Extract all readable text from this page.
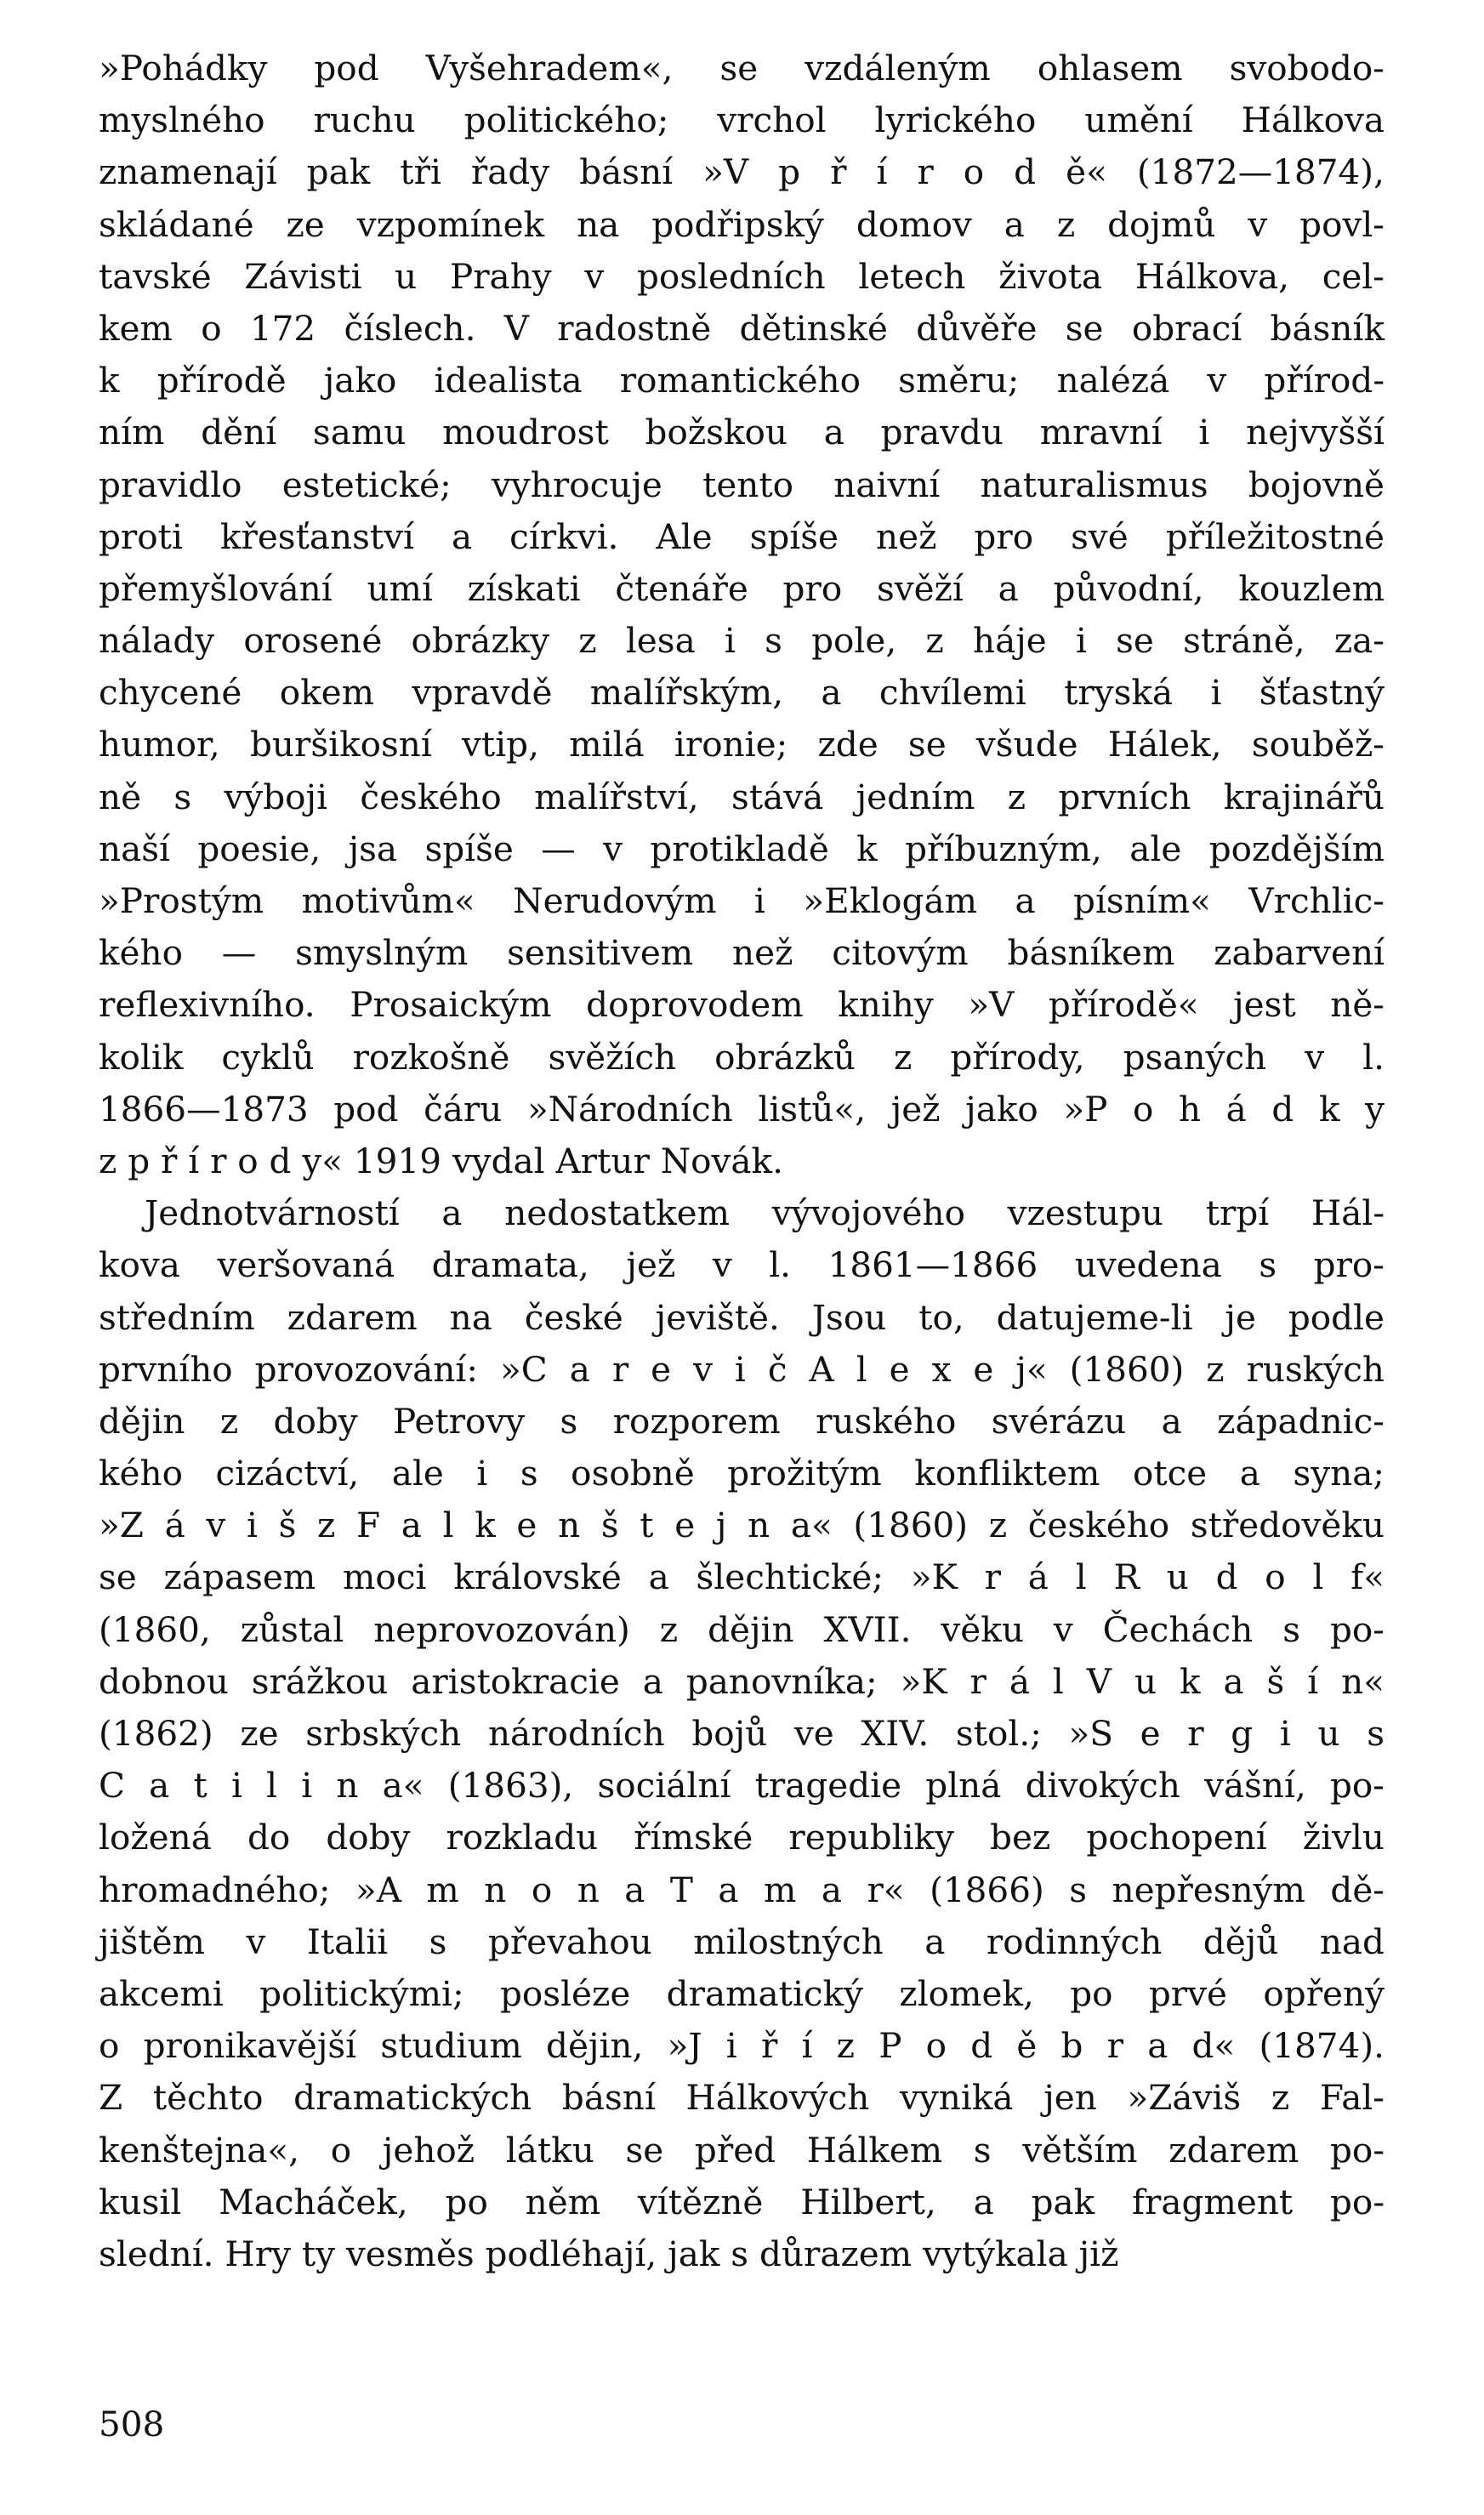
»Pohádky pod Vyšehradem«, se vzdáleným ohlasem svobodo-
myslného ruchu politického; vrchol lyrického umění Hálkova
znamenají pak tři řady básní »V p ř í r o d ě« (1872—1874),
skládané ze vzpomínek na podřipský domov a z dojmů v povl-
tavské Závisti u Prahy v posledních letech života Hálkova, cel-
kem o 172 číslech. V radostně dětinské důvěře se obrací básník
k přírodě jako idealista romantického směru; nalézá v přírod-
ním dění samu moudrost božskou a pravdu mravní i nejvyšší
pravidlo estetické; vyhrocuje tento naivní naturalismus bojovně
proti křesťanství a církvi. Ale spíše než pro své příležitostné
přemyšlování umí získati čtenáře pro svěží a původní, kouzlem
nálady orosené obrázky z lesa i s pole, z háje i se stráně, za-
chycené okem vpravdě malířským, a chvílemi tryská i šťastný
humor, buršikosní vtip, milá ironie; zde se všude Hálek, souběž-
ně s výboji českého malířství, stává jedním z prvních krajinářů
naší poesie, jsa spíše — v protikladě k příbuzným, ale pozdějším
»Prostým motivům« Nerudovým i »Eklogám a písním« Vrchlic-
kého — smyslným sensitivem než citovým básníkem zabarvení
reflexivního. Prosaickým doprovodem knihy »V přírodě« jest ně-
kolik cyklů rozkošně svěžích obrázků z přírody, psaných v l.
1866—1873 pod čáru »Národních listů«, jež jako »P o h á d k y
z p ř í r o d y« 1919 vydal Artur Novák.
Jednotvárností a nedostatkem vývojového vzestupu trpí Hál-
kova veršovaná dramata, jež v l. 1861—1866 uvedena s pro-
středním zdarem na české jeviště. Jsou to, datujeme-li je podle
prvního provozování: »C a r e v i č A l e x e j« (1860) z ruských
dějin z doby Petrovy s rozporem ruského svérázu a západnic-
kého cizáctví, ale i s osobně prožitým konfliktem otce a syna;
»Z á v i š z F a l k e n š t e j n a« (1860) z českého středověku
se zápasem moci královské a šlechtické; »K r á l R u d o l f«
(1860, zůstal neprovozován) z dějin XVII. věku v Čechách s po-
dobnou srážkou aristokracie a panovníka; »K r á l V u k a š í n«
(1862) ze srbských národních bojů ve XIV. stol.; »S e r g i u s
C a t i l i n a« (1863), sociální tragedie plná divokých vášní, po-
ložená do doby rozkladu římské republiky bez pochopení živlu
hromadného; »A m n o n a T a m a r« (1866) s nepřesným dě-
jištěm v Italii s převahou milostných a rodinných dějů nad
akcemi politickými; posléze dramatický zlomek, po prvé opřený
o pronikavější studium dějin, »J i ř í z P o d ě b r a d« (1874).
Z těchto dramatických básní Hálkových vyniká jen »Záviš z Fal-
kenštejna«, o jehož látku se před Hálkem s větším zdarem po-
kusil Macháček, po něm vítězně Hilbert, a pak fragment po-
slední. Hry ty vesměs podléhají, jak s důrazem vytýkala již
508
